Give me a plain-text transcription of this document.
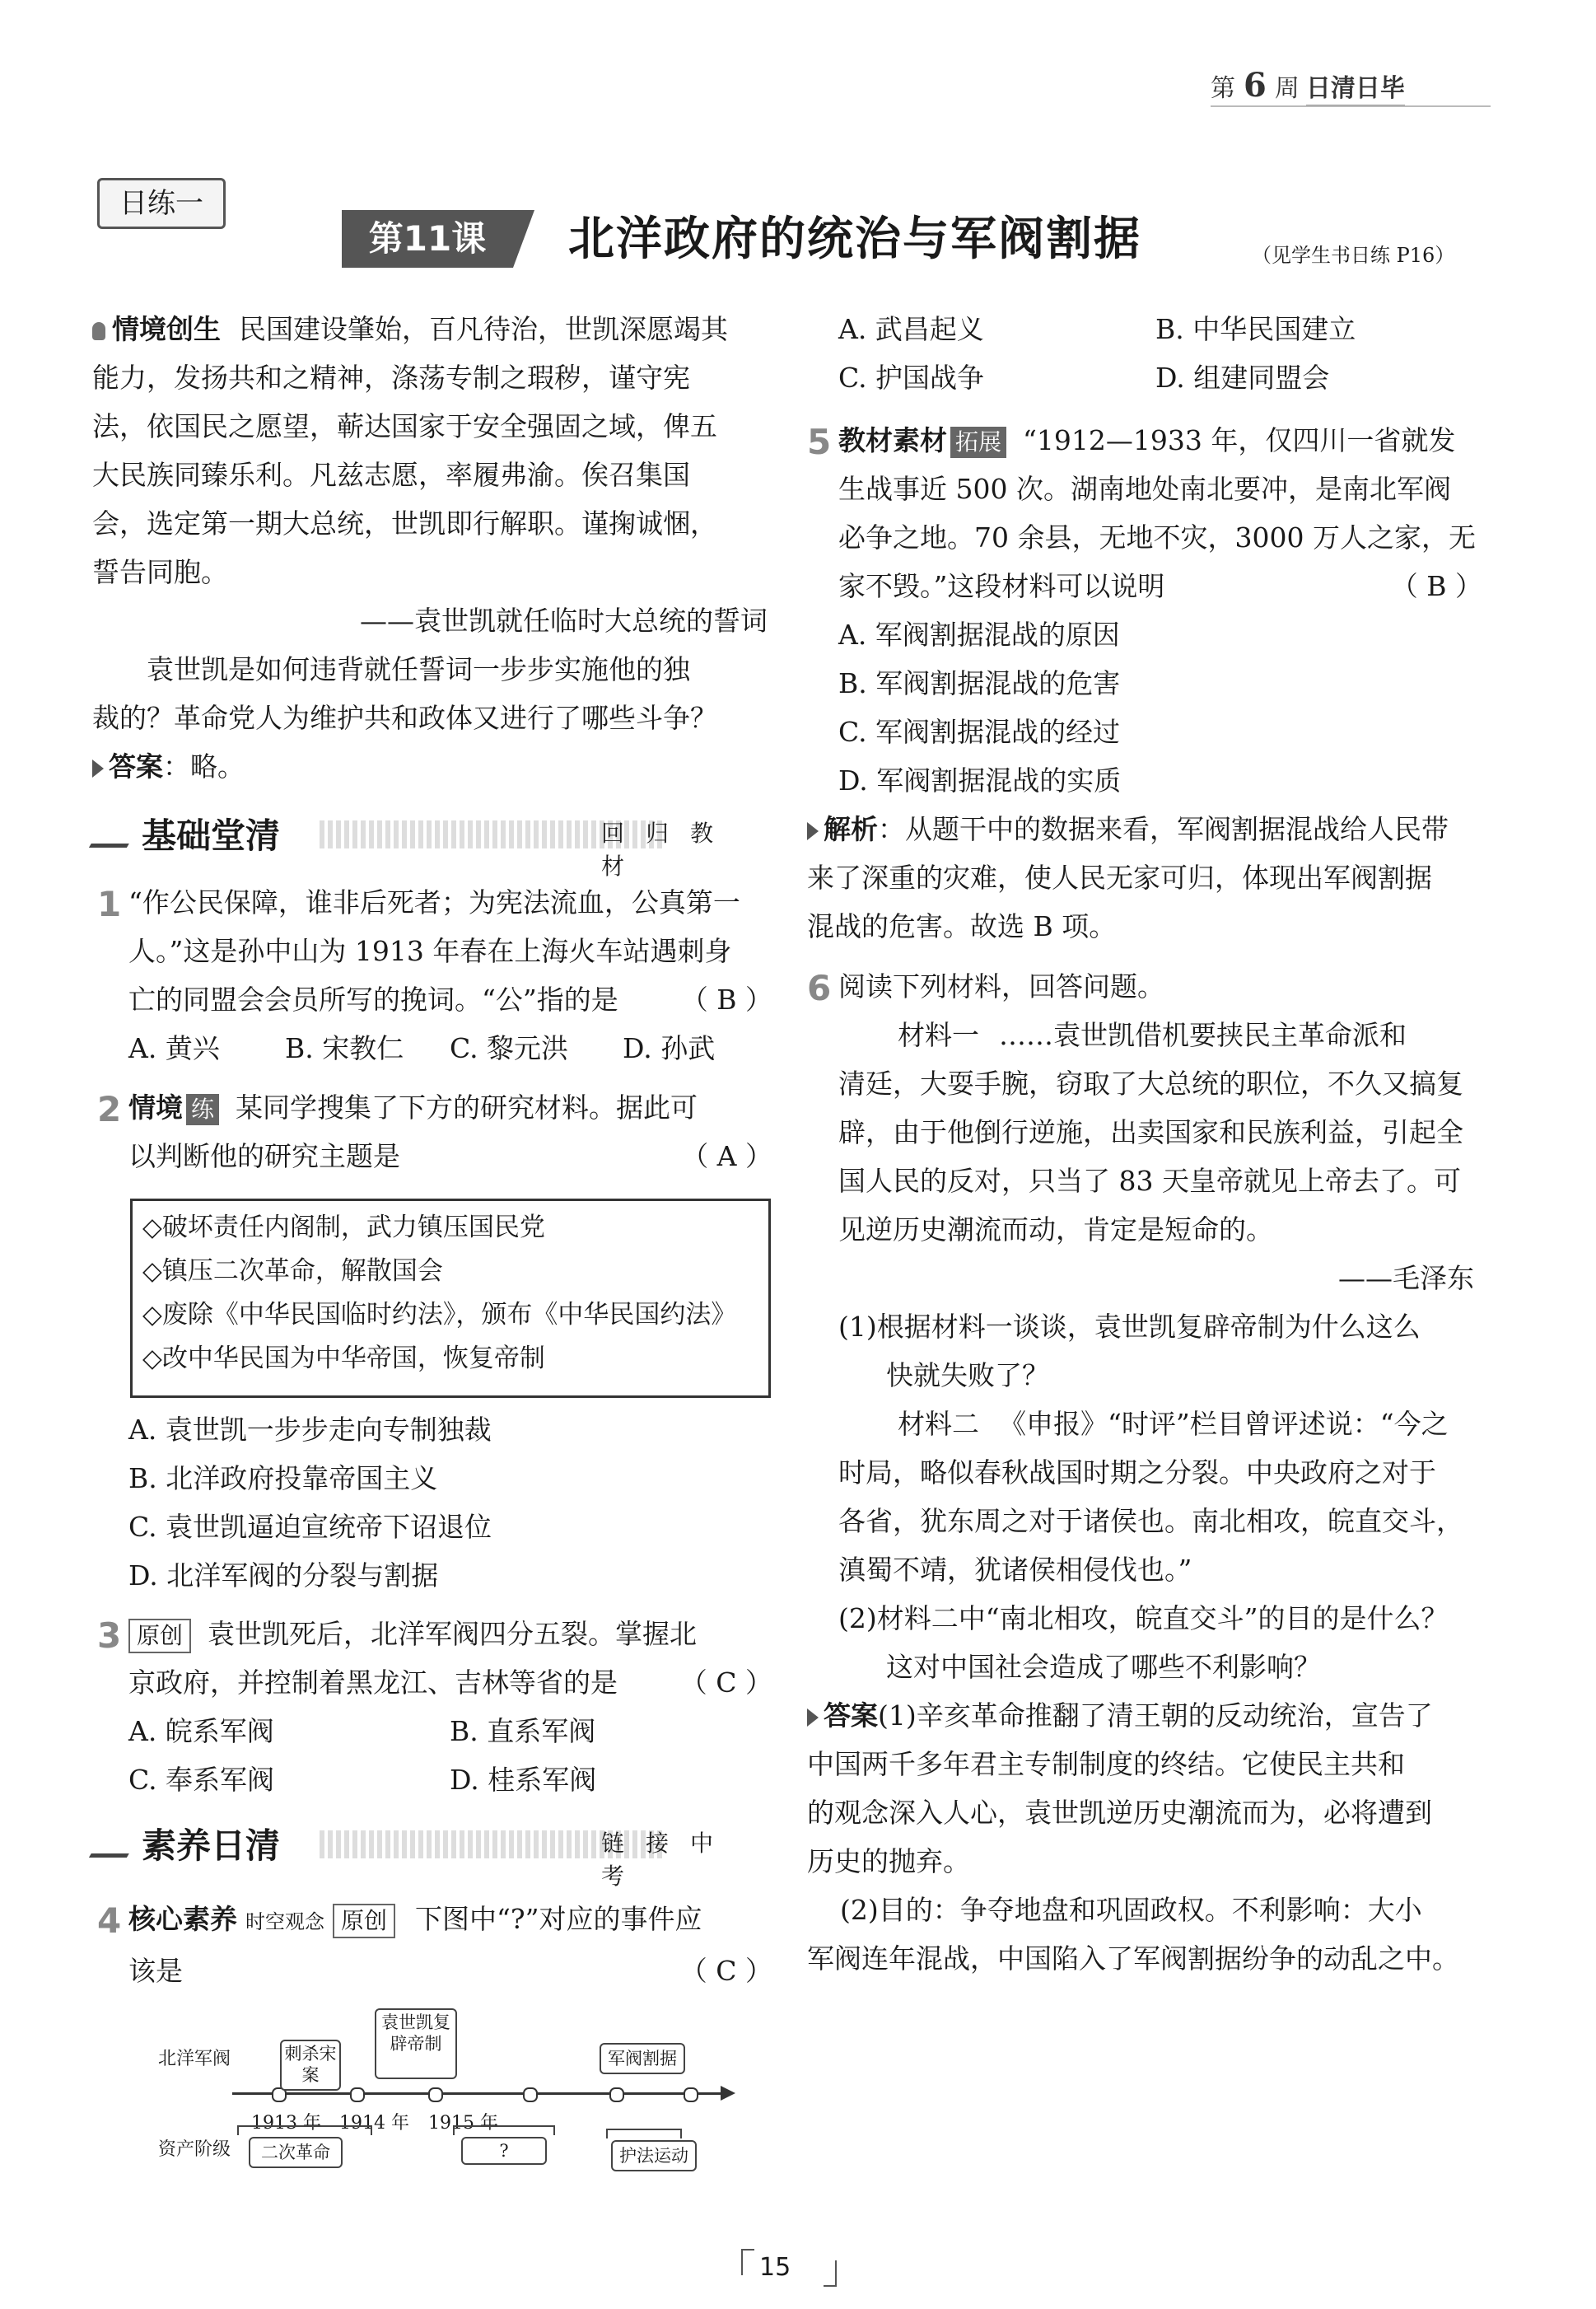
第 6 周 日清日毕
日练一
第11课	北洋政府的统治与军阀割据	（见学生书日练 P16）
情境创生 民国建设肇始，百凡待治，世凯深愿竭其
能力，发扬共和之精神，涤荡专制之瑕秽，谨守宪
法，依国民之愿望，蕲达国家于安全强固之域，俾五
大民族同臻乐利。凡兹志愿，率履弗渝。俟召集国
会，选定第一期大总统，世凯即行解职。谨掬诚悃，
誓告同胞。
——袁世凯就任临时大总统的誓词
袁世凯是如何违背就任誓词一步步实施他的独
裁的？革命党人为维护共和政体又进行了哪些斗争？
答案：略。
基础堂清	回归教材
1 “作公民保障，谁非后死者；为宪法流血，公真第一
人。”这是孙中山为 1913 年春在上海火车站遇刺身
亡的同盟会会员所写的挽词。“公”指的是 （ B ）
A. 黄兴	B. 宋教仁	C. 黎元洪	D. 孙武
2 情境 练 某同学搜集了下方的研究材料。据此可
以判断他的研究主题是	（ A ）
◇破坏责任内阁制，武力镇压国民党
◇镇压二次革命，解散国会
◇废除《中华民国临时约法》，颁布《中华民国约法》
◇改中华民国为中华帝国，恢复帝制
A. 袁世凯一步步走向专制独裁
B. 北洋政府投靠帝国主义
C. 袁世凯逼迫宣统帝下诏退位
D. 北洋军阀的分裂与割据
3 原创 袁世凯死后，北洋军阀四分五裂。掌握北
京政府，并控制着黑龙江、吉林等省的是 （ C ）
A. 皖系军阀	B. 直系军阀
C. 奉系军阀	D. 桂系军阀
素养日清	链接中考
4 核心素养 时空观念 原创 下图中“?”对应的事件应
该是	（ C ）
北洋军阀
资产阶级
刺杀宋案
袁世凯复辟帝制
军阀割据
1913 年 1914 年 1915 年
二次革命	?	护法运动
A. 武昌起义	B. 中华民国建立
C. 护国战争	D. 组建同盟会
5 教材素材 拓展 “1912—1933 年，仅四川一省就发
生战事近 500 次。湖南地处南北要冲，是南北军阀
必争之地。70 余县，无地不灾，3000 万人之家，无
家不毁。”这段材料可以说明	（ B ）
A. 军阀割据混战的原因
B. 军阀割据混战的危害
C. 军阀割据混战的经过
D. 军阀割据混战的实质
解析：从题干中的数据来看，军阀割据混战给人民带
来了深重的灾难，使人民无家可归，体现出军阀割据
混战的危害。故选 B 项。
6 阅读下列材料，回答问题。
材料一 ……袁世凯借机要挟民主革命派和
清廷，大耍手腕，窃取了大总统的职位，不久又搞复
辟，由于他倒行逆施，出卖国家和民族利益，引起全
国人民的反对，只当了 83 天皇帝就见上帝去了。可
见逆历史潮流而动，肯定是短命的。
——毛泽东
(1)根据材料一谈谈，袁世凯复辟帝制为什么这么
快就失败了？
材料二 《申报》“时评”栏目曾评述说：“今之
时局，略似春秋战国时期之分裂。中央政府之对于
各省，犹东周之对于诸侯也。南北相攻，皖直交斗，
滇蜀不靖，犹诸侯相侵伐也。”
(2)材料二中“南北相攻，皖直交斗”的目的是什么？
这对中国社会造成了哪些不利影响？
答案(1)辛亥革命推翻了清王朝的反动统治，宣告了
中国两千多年君主专制制度的终结。它使民主共和
的观念深入人心，袁世凯逆历史潮流而为，必将遭到
历史的抛弃。
(2)目的：争夺地盘和巩固政权。不利影响：大小
军阀连年混战，中国陷入了军阀割据纷争的动乱之中。
15
